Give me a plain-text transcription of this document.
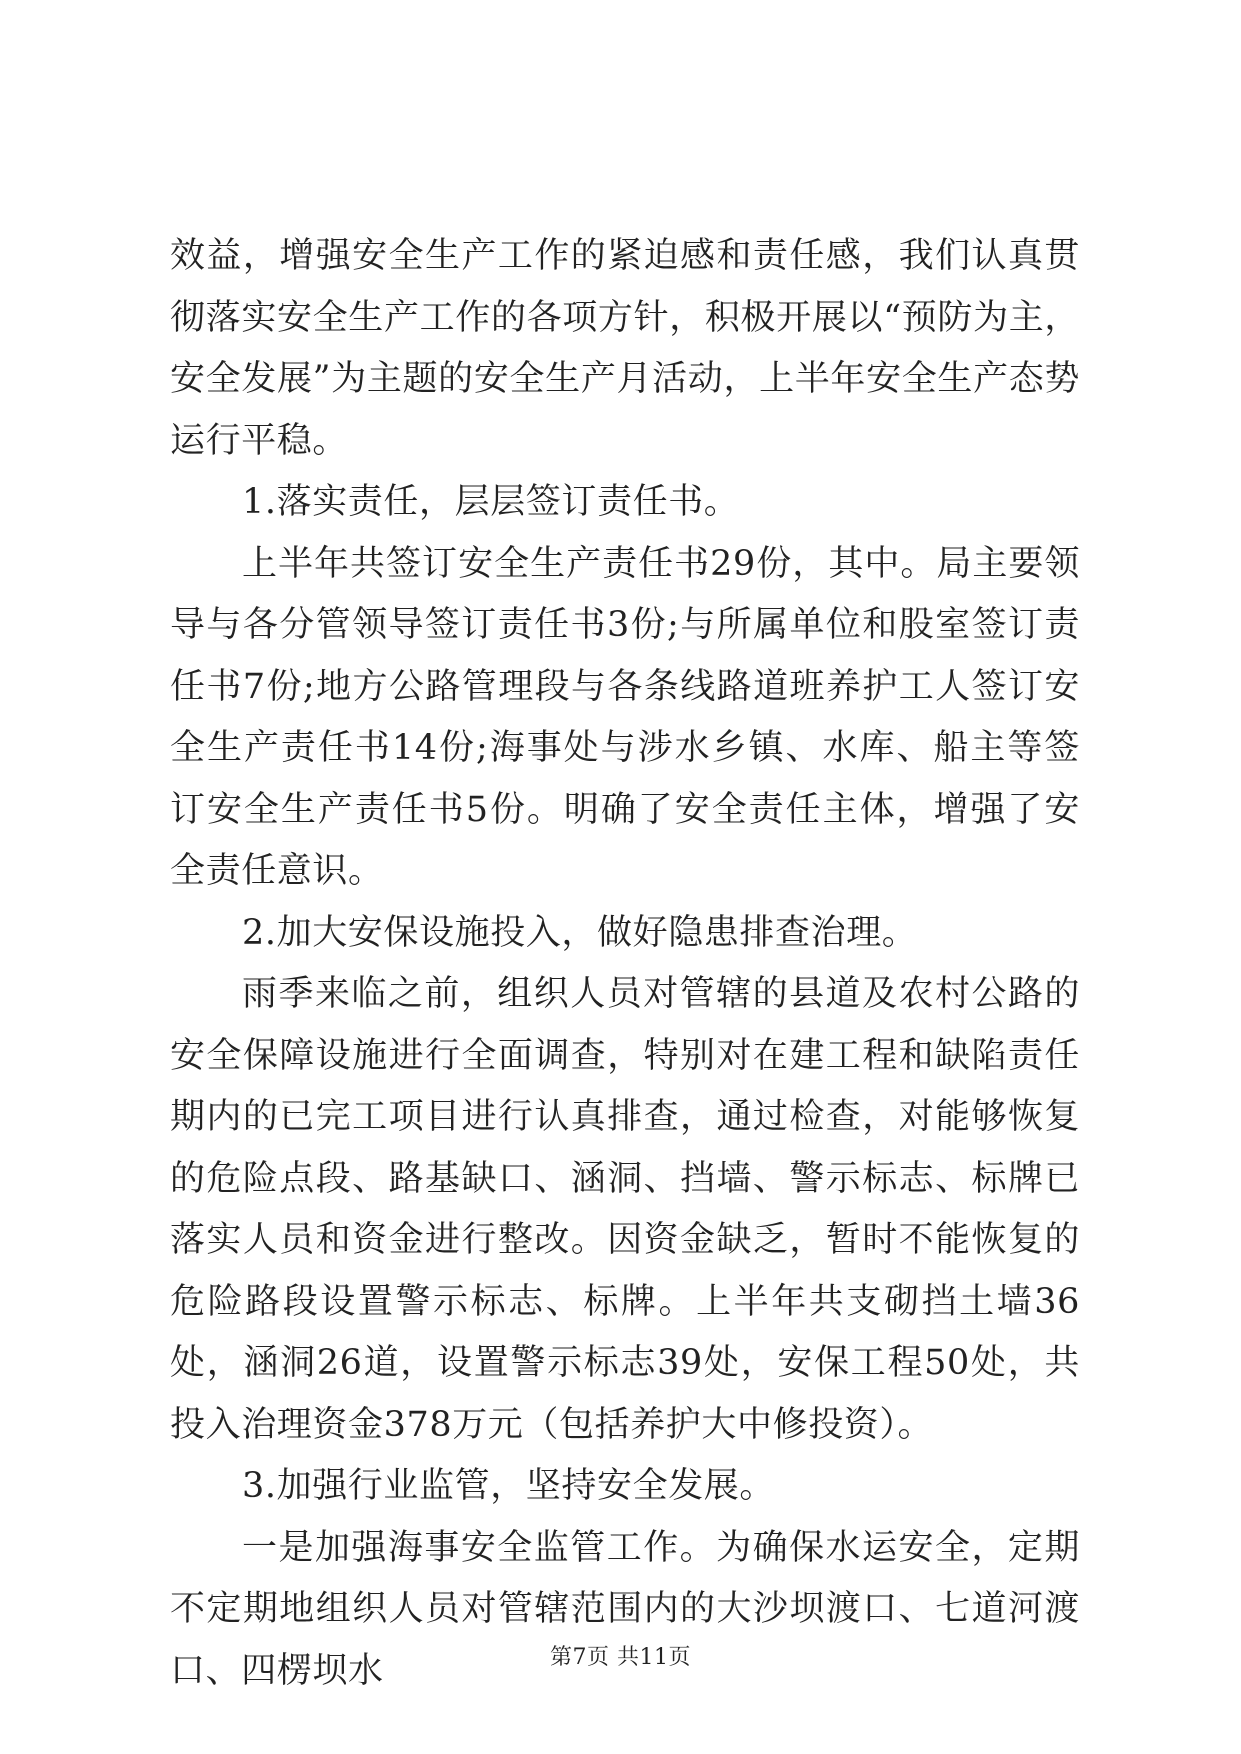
效益，增强安全生产工作的紧迫感和责任感，我们认真贯彻落实安全生产工作的各项方针，积极开展以“预防为主，安全发展”为主题的安全生产月活动，上半年安全生产态势运行平稳。

1.落实责任，层层签订责任书。

上半年共签订安全生产责任书29份，其中。局主要领导与各分管领导签订责任书3份;与所属单位和股室签订责任书7份;地方公路管理段与各条线路道班养护工人签订安全生产责任书14份;海事处与涉水乡镇、水库、船主等签订安全生产责任书5份。明确了安全责任主体，增强了安全责任意识。

2.加大安保设施投入，做好隐患排查治理。

雨季来临之前，组织人员对管辖的县道及农村公路的安全保障设施进行全面调查，特别对在建工程和缺陷责任期内的已完工项目进行认真排查，通过检查，对能够恢复的危险点段、路基缺口、涵洞、挡墙、警示标志、标牌已落实人员和资金进行整改。因资金缺乏，暂时不能恢复的危险路段设置警示标志、标牌。上半年共支砌挡土墙36处，涵洞26道，设置警示标志39处，安保工程50处，共投入治理资金378万元（包括养护大中修投资）。

3.加强行业监管，坚持安全发展。

一是加强海事安全监管工作。为确保水运安全，定期不定期地组织人员对管辖范围内的大沙坝渡口、七道河渡口、四楞坝水	第7页 共11页
